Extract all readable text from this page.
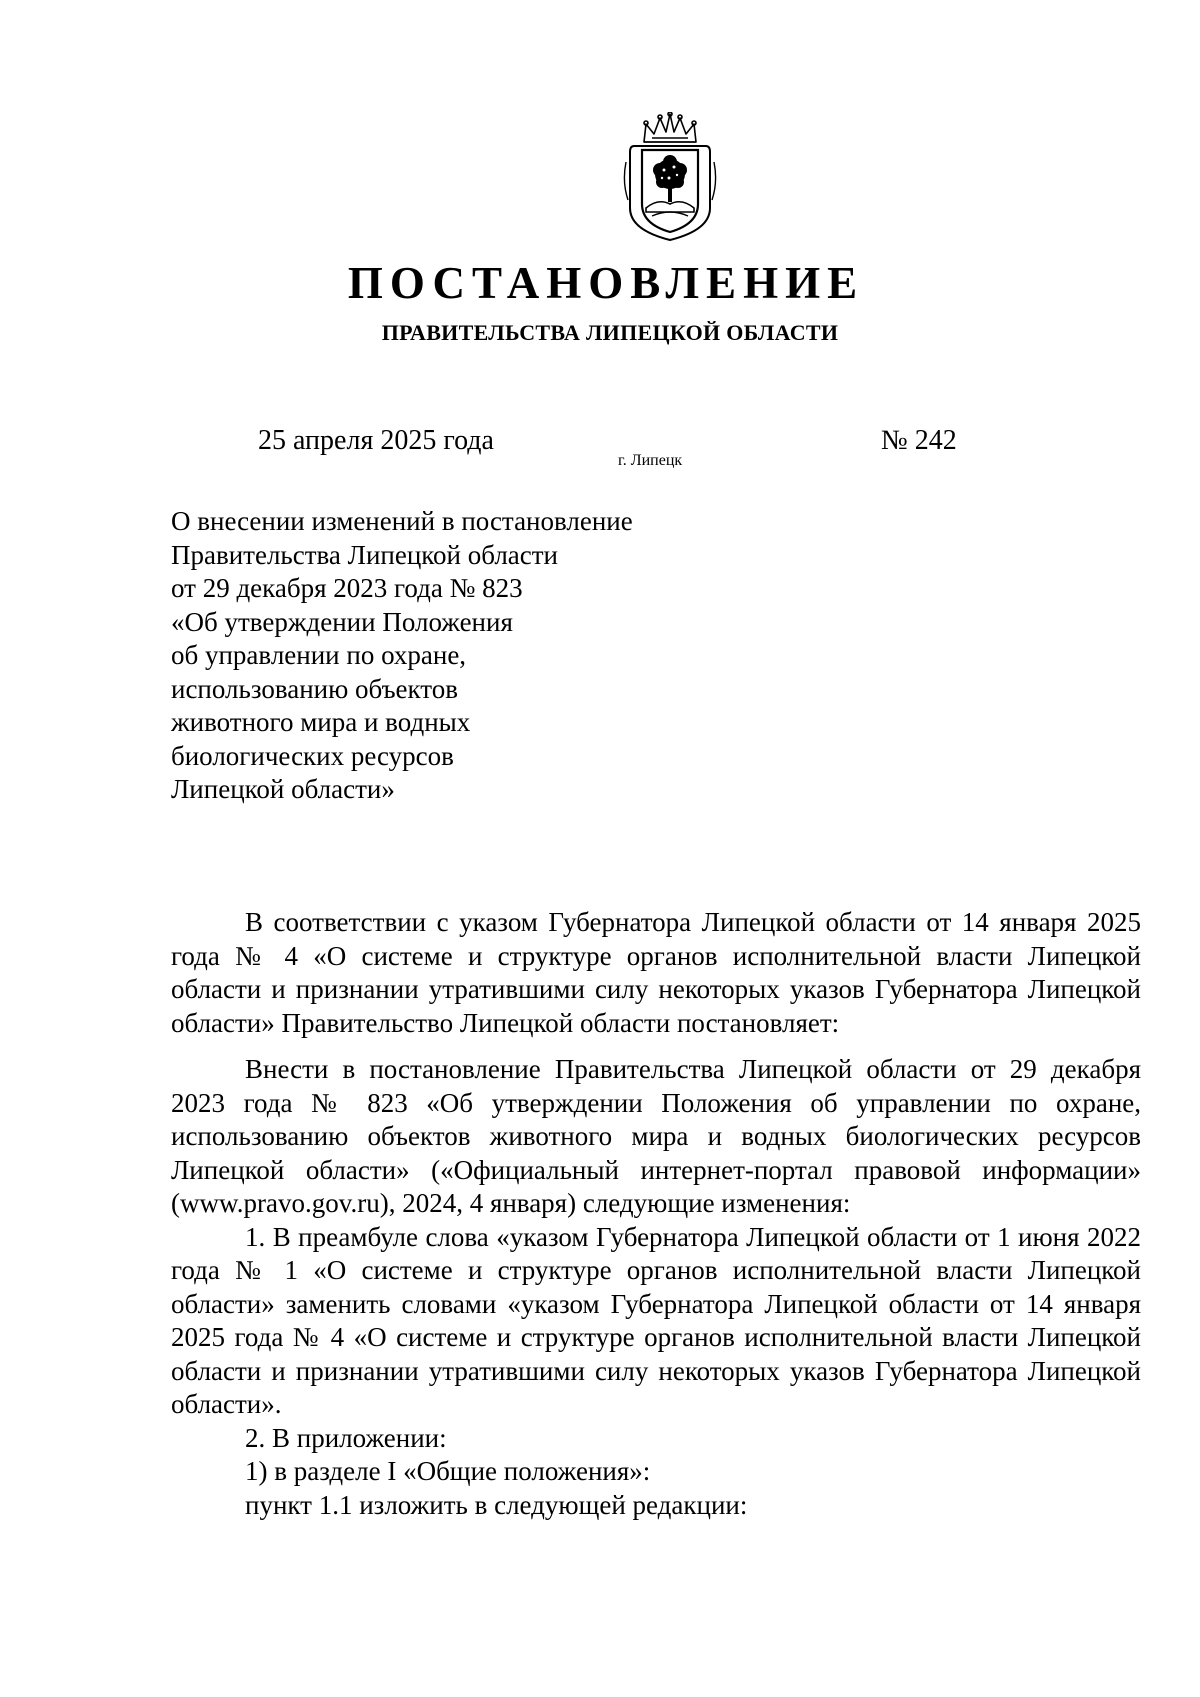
ПОСТАНОВЛЕНИЕ
ПРАВИТЕЛЬСТВА ЛИПЕЦКОЙ ОБЛАСТИ
25 апреля 2025 года
г. Липецк
№ 242
О внесении изменений в постановление
Правительства Липецкой области
от 29 декабря 2023 года № 823
«Об утверждении Положения
об управлении по охране,
использованию объектов
животного мира и водных
биологических ресурсов
Липецкой области»

В соответствии с указом Губернатора Липецкой области от 14 января 2025 года № 4 «О системе и структуре органов исполнительной власти Липецкой области и признании утратившими силу некоторых указов Губернатора Липецкой области» Правительство Липецкой области постановляет:

Внести в постановление Правительства Липецкой области от 29 декабря 2023 года № 823 «Об утверждении Положения об управлении по охране, использованию объектов животного мира и водных биологических ресурсов Липецкой области» («Официальный интернет-портал правовой информации» (www.pravo.gov.ru), 2024, 4 января) следующие изменения:

1. В преамбуле слова «указом Губернатора Липецкой области от 1 июня 2022 года № 1 «О системе и структуре органов исполнительной власти Липецкой области» заменить словами «указом Губернатора Липецкой области от 14 января 2025 года № 4 «О системе и структуре органов исполнительной власти Липецкой области и признании утратившими силу некоторых указов Губернатора Липецкой области».

2. В приложении:

1) в разделе I «Общие положения»:

пункт 1.1 изложить в следующей редакции:
